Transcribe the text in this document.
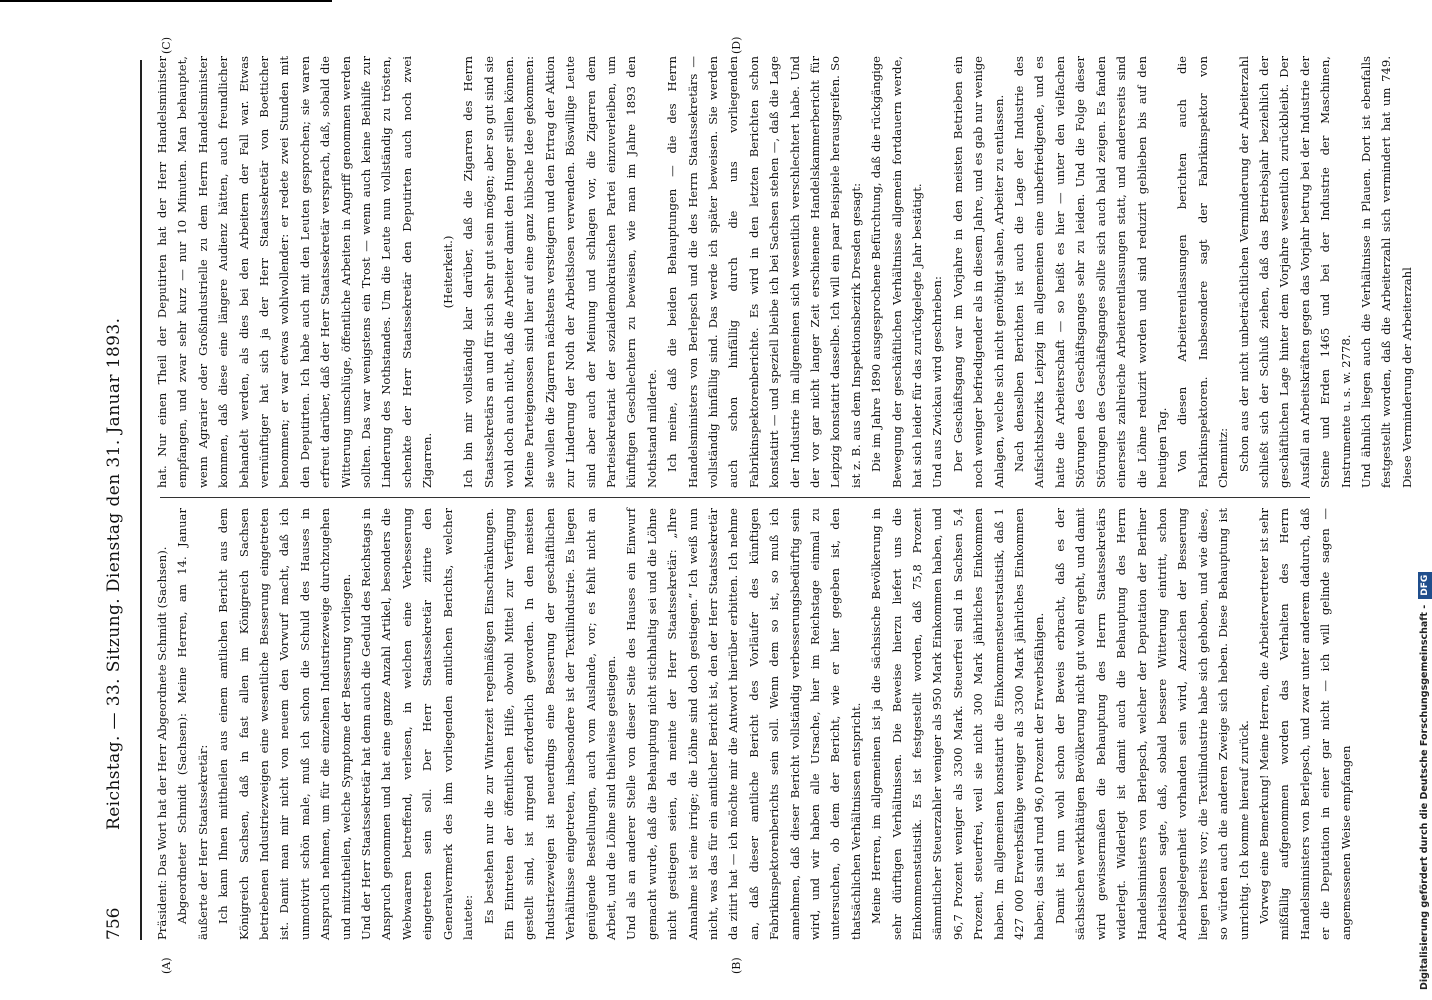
756
Reichstag. — 33. Sitzung. Dienstag den 31. Januar 1893.	Präsident: Das Wort hat der Herr Abgeordnete Schmidt (Sachsen). Abgeordneter Schmidt (Sachsen): Meine Herren, am 14. Januar äußerte der Herr Staatssekretär: Ich kann Ihnen mittheilen aus einem amtlichen Bericht aus dem Königreich Sachsen, daß in fast allen im Königreich Sachsen betriebenen Industriezweigen eine wesentliche Besserung eingetreten ist. Damit man mir nicht von neuem den Vorwurf macht, daß ich unmotivirt schön male, muß ich schon die Schuld des Hauses in Anspruch nehmen, um für die einzelnen Industriezweige durchzugehen und mitzutheilen, welche Symptome der Besserung vorliegen. Und der Herr Staatssekretär hat denn auch die Geduld des Reichstags in Anspruch genommen und hat eine ganze Anzahl Artikel, besonders die Webwaaren betreffend, verlesen, in welchen eine Verbesserung eingetreten sein soll. Der Herr Staatssekretär zitirte den Generalvermerk des ihm vorliegenden amtlichen Berichts, welcher lautete: Es bestehen nur die zur Winterzeit regelmäßigen Einschränkungen. Ein Eintreten der öffentlichen Hilfe, obwohl Mittel zur Verfügung gestellt sind, ist nirgend erforderlich geworden. In den meisten Industriezweigen ist neuerdings eine Besserung der geschäftlichen Verhältnisse eingetreten, insbesondere ist der Textilindustrie. Es liegen genügende Bestellungen, auch vom Auslande, vor; es fehlt nicht an Arbeit, und die Löhne sind theilweise gestiegen. Und als an anderer Stelle von dieser Seite des Hauses ein Einwurf gemacht wurde, daß die Behauptung nicht stichhaltig sei und die Löhne nicht gestiegen seien, da meinte der Herr Staatssekretär: „Ihre Annahme ist eine irrige; die Löhne sind doch gestiegen.“ Ich weiß nun nicht, was das für ein amtlicher Bericht ist, den der Herr Staatssekretär da zitirt hat — ich möchte mir die Antwort hierüber erbitten. Ich nehme an, daß dieser amtliche Bericht des Vorläufer des künftigen Fabrikinspektorenberichts sein soll. Wenn dem so ist, so muß ich annehmen, daß dieser Bericht vollständig verbesserungsbedürftig sein wird, und wir haben alle Ursache, hier im Reichstage einmal zu untersuchen, ob dem der Bericht, wie er hier gegeben ist, den thatsächlichen Verhältnissen entspricht. Meine Herren, im allgemeinen ist ja die sächsische Bevölkerung in sehr dürftigen Verhältnissen. Die Beweise hierzu liefert uns die Einkommenstatistik. Es ist festgestellt worden, daß 75,8 Prozent sämmtlicher Steuerzahler weniger als 950 Mark Einkommen haben, und 96,7 Prozent weniger als 3300 Mark. Steuerfrei sind in Sachsen 5,4 Prozent, steuerfrei, weil sie nicht 300 Mark jährliches Einkommen haben. Im allgemeinen konstatirt die Einkommensteuerstatistik, daß 1 427 000 Erwerbsfähige weniger als 3300 Mark jährliches Einkommen haben; das sind rund 96,0 Prozent der Erwerbsfähigen. Damit ist nun wohl schon der Beweis erbracht, daß es der sächsischen werkthätigen Bevölkerung nicht gut wohl ergeht, und damit wird gewissermaßen die Behauptung des Herrn Staatssekretärs widerlegt. Widerlegt ist damit auch die Behauptung des Herrn Handelsministers von Berlepsch, welcher der Deputation der Berliner Arbeitslosen sagte, daß, sobald bessere Witterung eintritt, schon Arbeitsgelegenheit vorhanden sein wird, Anzeichen der Besserung liegen bereits vor; die Textilindustrie habe sich gehoben, und wie diese, so würden auch die anderen Zweige sich heben. Diese Behauptung ist unrichtig. Ich komme hierauf zurück. Vorweg eine Bemerkung! Meine Herren, die Arbeitervertreter ist sehr mißfällig aufgenommen worden das Verhalten des Herrn Handelsministers von Berlepsch, und zwar unter anderem dadurch, daß er die Deputation in einer gar nicht — ich will gelinde sagen — angemessenen Weise empfangen

hat. Nur einen Theil der Deputirten hat der Herr Handelsminister empfangen, und zwar sehr kurz — nur 10 Minuten. Man behauptet, wenn Agrarier oder Großindustrielle zu dem Herrn Handelsminister kommen, daß diese eine längere Audienz hätten, auch freundlicher behandelt werden, als dies bei den Arbeitern der Fall war. Etwas vernünftiger hat sich ja der Herr Staatssekretär von Boetticher benommen; er war etwas wohlwollender: er redete zwei Stunden mit den Deputirten. Ich habe auch mit den Leuten gesprochen; sie waren erfreut darüber, daß der Herr Staatssekretär versprach, daß, sobald die Witterung umschlüge, öffentliche Arbeiten in Angriff genommen werden sollten. Das war wenigstens ein Trost — wenn auch keine Beihilfe zur Linderung des Nothstandes. Um die Leute nun vollständig zu trösten, schenkte der Herr Staatssekretär den Deputirten auch noch zwei Zigarren.

(Heiterkeit.) Ich bin mir vollständig klar darüber, daß die Zigarren des Herrn Staatssekretärs an und für sich sehr gut sein mögen; aber so gut sind sie wohl doch auch nicht, daß die Arbeiter damit den Hunger stillen können. Meine Parteigenossen sind hier auf eine ganz hübsche Idee gekommen: sie wollen die Zigarren nächstens versteigern und den Ertrag der Aktion zur Linderung der Noth der Arbeitslosen verwenden. Böswillige Leute sind aber auch der Meinung und schlagen vor, die Zigarren dem Parteisekretariat der sozialdemokratischen Partei einzuverleiben, um künftigen Geschlechtern zu beweisen, wie man im Jahre 1893 den Nothstand milderte. Ich meine, daß die beiden Behauptungen — die des Herrn Handelsministers von Berlepsch und die des Herrn Staatssekretärs — vollständig hinfällig sind. Das werde ich später beweisen. Sie werden auch schon hinfällig durch die uns vorliegenden Fabrikinspektorenberichte. Es wird in den letzten Berichten schon konstatirt — und speziell bleibe ich bei Sachsen stehen —, daß die Lage der Industrie im allgemeinen sich wesentlich verschlechtert habe. Und der vor gar nicht langer Zeit erschienene Handelskammerbericht für Leipzig konstatirt dasselbe. Ich will ein paar Beispiele herausgreifen. So ist z. B. aus dem Inspektionsbezirk Dresden gesagt: Die im Jahre 1890 ausgesprochene Befürchtung, daß die rückgängige Bewegung der geschäftlichen Verhältnisse allgemein fortdauern werde, hat sich leider für das zurückgelegte Jahr bestätigt. Und aus Zwickau wird geschrieben: Der Geschäftsgang war im Vorjahre in den meisten Betrieben ein noch weniger befriedigender als in diesem Jahre, und es gab nur wenige Anlagen, welche sich nicht genöthigt sahen, Arbeiter zu entlassen. Nach denselben Berichten ist auch die Lage der Industrie des Aufsichtsbezirks Leipzig im allgemeinen eine unbefriedigende, und es hatte die Arbeiterschaft — so heißt es hier — unter den vielfachen Störungen des Geschäftsganges sehr zu leiden. Und die Folge dieser Störungen des Geschäftsganges sollte sich auch bald zeigen. Es fanden einerseits zahlreiche Arbeiterentlassungen statt, und andererseits sind die Löhne reduzirt worden und sind reduzirt geblieben bis auf den heutigen Tag. Von diesen Arbeiterentlassungen berichten auch die Fabrikinspektoren. Insbesondere sagt der Fabrikinspektor von Chemnitz: Schon aus der nicht unbeträchtlichen Verminderung der Arbeiterzahl schließt sich der Schluß ziehen, daß das Betriebsjahr beziehlich der geschäftlichen Lage hinter dem Vorjahre wesentlich zurückbleibt. Der Ausfall an Arbeitskräften gegen das Vorjahr betrug bei der Industrie der Steine und Erden 1465 und bei der Industrie der Maschinen, Instrumente u. s. w. 2778. Und ähnlich liegen auch die Verhältnisse in Plauen. Dort ist ebenfalls festgestellt worden, daß die Arbeiterzahl sich vermindert hat um 749. Diese Verminderung der Arbeiterzahl

(A)	(B)
(C)	(D)
Digitalisierung gefördert durch die Deutsche Forschungsgemeinschaft -DFG
